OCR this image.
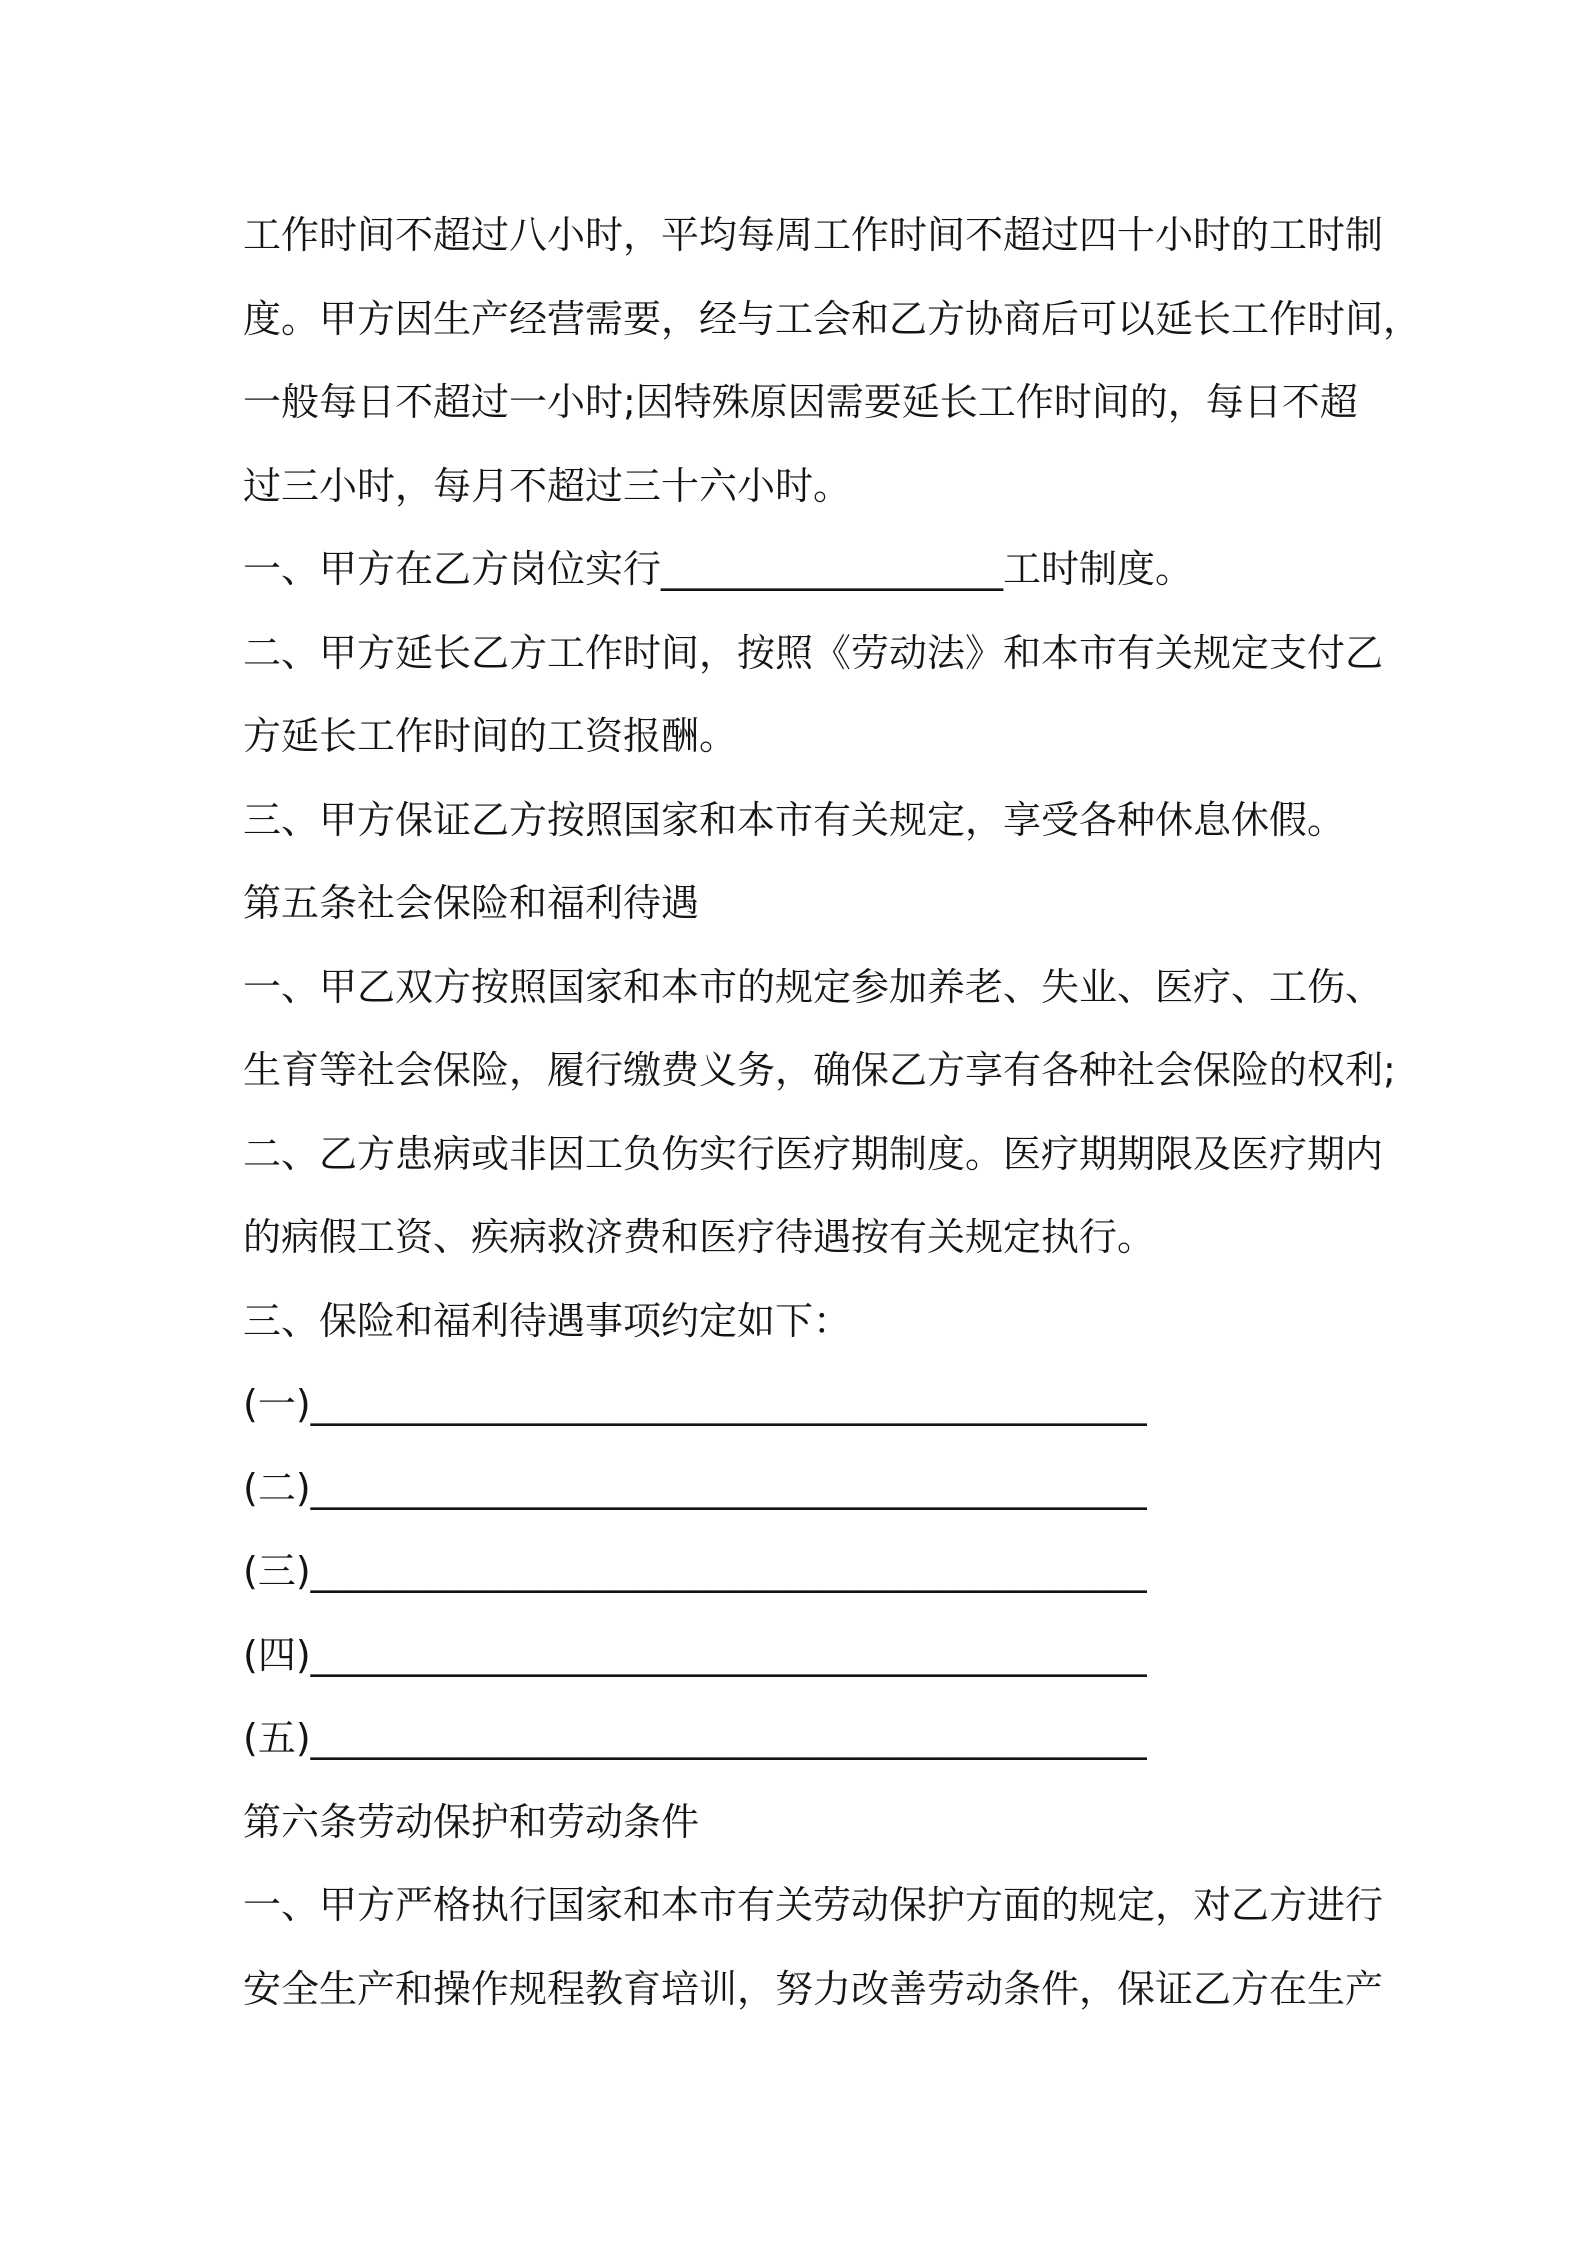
工作时间不超过八小时，平均每周工作时间不超过四十小时的工时制
度。甲方因生产经营需要，经与工会和乙方协商后可以延长工作时间，
一般每日不超过一小时;因特殊原因需要延长工作时间的，每日不超
过三小时，每月不超过三十六小时。
一、甲方在乙方岗位实行__________________工时制度。
二、甲方延长乙方工作时间，按照《劳动法》和本市有关规定支付乙
方延长工作时间的工资报酬。
三、甲方保证乙方按照国家和本市有关规定，享受各种休息休假。
第五条社会保险和福利待遇
一、甲乙双方按照国家和本市的规定参加养老、失业、医疗、工伤、
生育等社会保险，履行缴费义务，确保乙方享有各种社会保险的权利;
二、乙方患病或非因工负伤实行医疗期制度。医疗期期限及医疗期内
的病假工资、疾病救济费和医疗待遇按有关规定执行。
三、保险和福利待遇事项约定如下：
(一)____________________________________________
(二)____________________________________________
(三)____________________________________________
(四)____________________________________________
(五)____________________________________________
第六条劳动保护和劳动条件
一、甲方严格执行国家和本市有关劳动保护方面的规定，对乙方进行
安全生产和操作规程教育培训，努力改善劳动条件，保证乙方在生产
